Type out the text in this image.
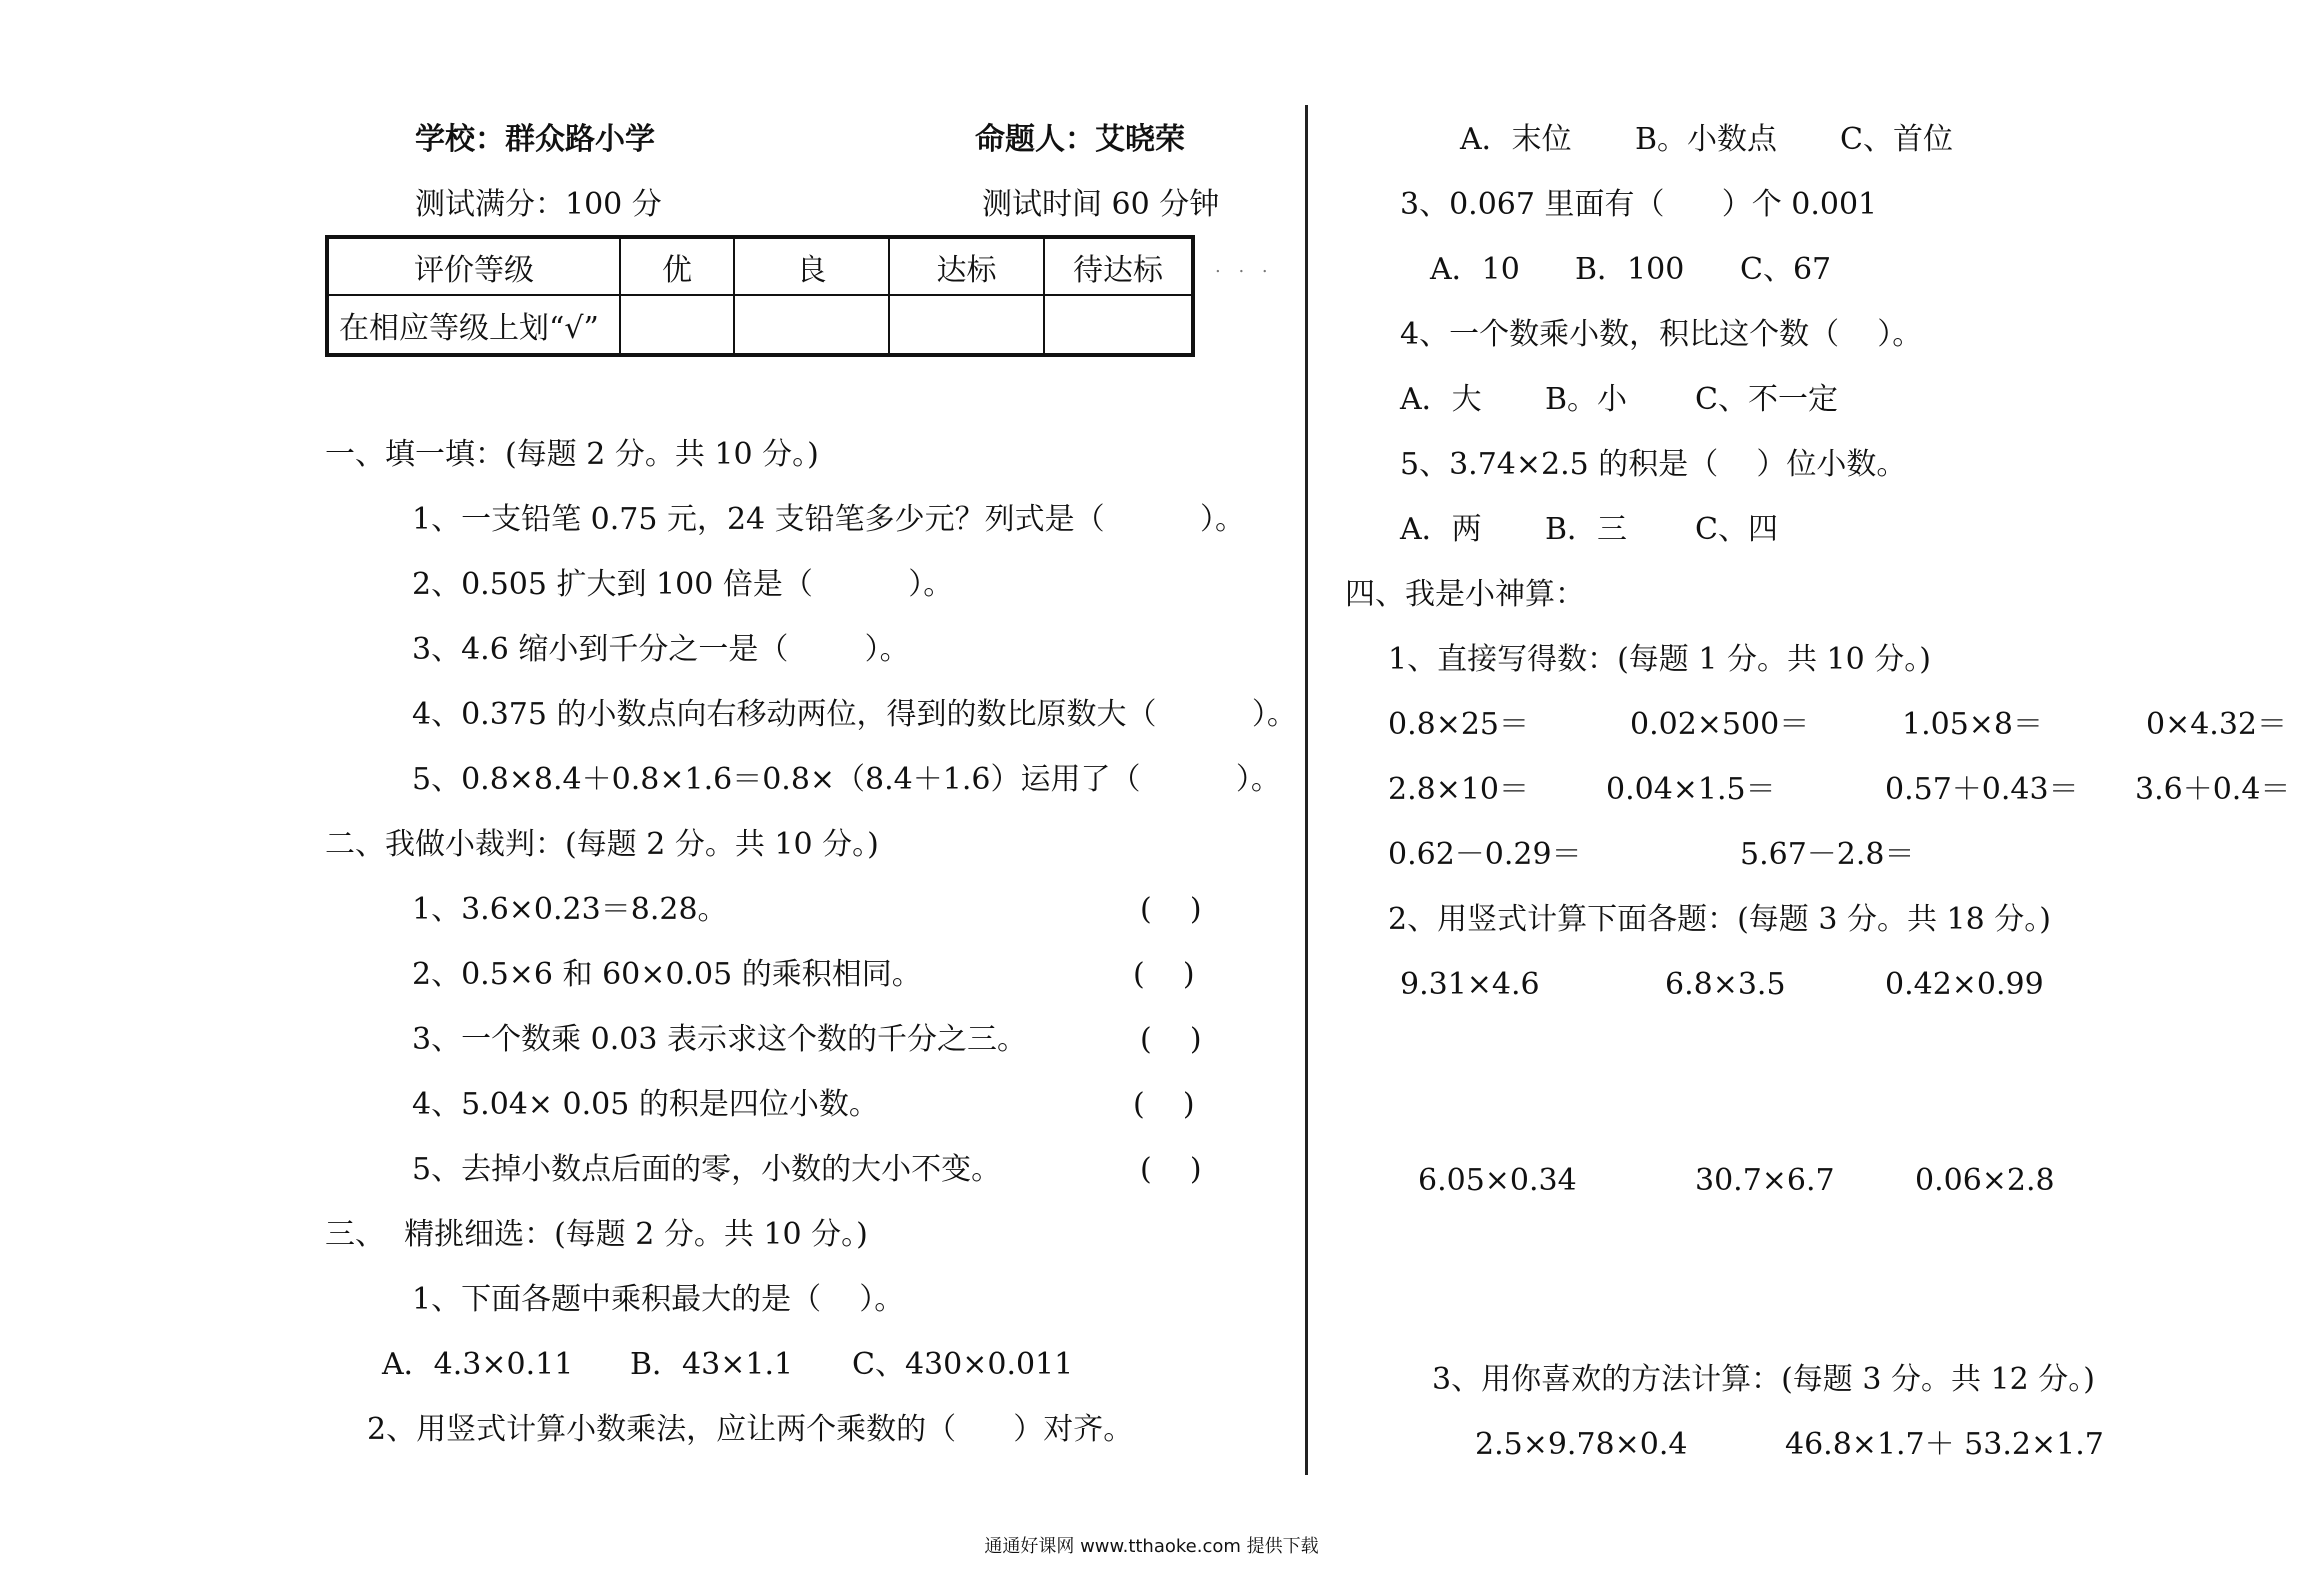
学校：群众路小学	命题人：艾晓荣
测试满分：100 分	测试时间 60 分钟
评价等级	优	良	达标	待达标
在相应等级上划“√”				
. . .
一、填一填：(每题 2 分。共 10 分。)
1、一支铅笔 0.75 元，24 支铅笔多少元？列式是（          ）。
2、0.505 扩大到 100 倍是（          ）。
3、4.6 缩小到千分之一是（        ）。
4、0.375 的小数点向右移动两位，得到的数比原数大（          ）。
5、0.8×8.4＋0.8×1.6＝0.8×（8.4＋1.6）运用了（          ）。
二、我做小裁判：(每题 2 分。共 10 分。)
1、3.6×0.23＝8.28。	(    )
2、0.5×6 和 60×0.05 的乘积相同。	(    )
3、一个数乘 0.03 表示求这个数的千分之三。	(    )
4、5.04× 0.05 的积是四位小数。	(    )
5、去掉小数点后面的零，小数的大小不变。	(    )
三、  精挑细选：(每题 2 分。共 10 分。)
1、下面各题中乘积最大的是（    ）。
A．4.3×0.11 B．43×1.1 C、430×0.011
2、用竖式计算小数乘法，应让两个乘数的（      ）对齐。
A．末位 B。小数点 C、首位
3、0.067 里面有（      ）个 0.001
A．10 B．100 C、67
4、一个数乘小数，积比这个数（    ）。
A．大 B。小 C、不一定
5、3.74×2.5 的积是（    ）位小数。
A．两 B．三 C、四
四、我是小神算：
1、直接写得数：(每题 1 分。共 10 分。)
0.8×25＝	0.02×500＝	1.05×8＝	0×4.32＝
2.8×10＝	0.04×1.5＝	0.57＋0.43＝ 3.6＋0.4＝
0.62－0.29＝	5.67－2.8＝
2、用竖式计算下面各题：(每题 3 分。共 18 分。)
9.31×4.6	6.8×3.5	0.42×0.99
6.05×0.34	30.7×6.7	0.06×2.8
3、用你喜欢的方法计算：(每题 3 分。共 12 分。)
2.5×9.78×0.4	46.8×1.7＋ 53.2×1.7
通通好课网 www.tthaoke.com 提供下载
